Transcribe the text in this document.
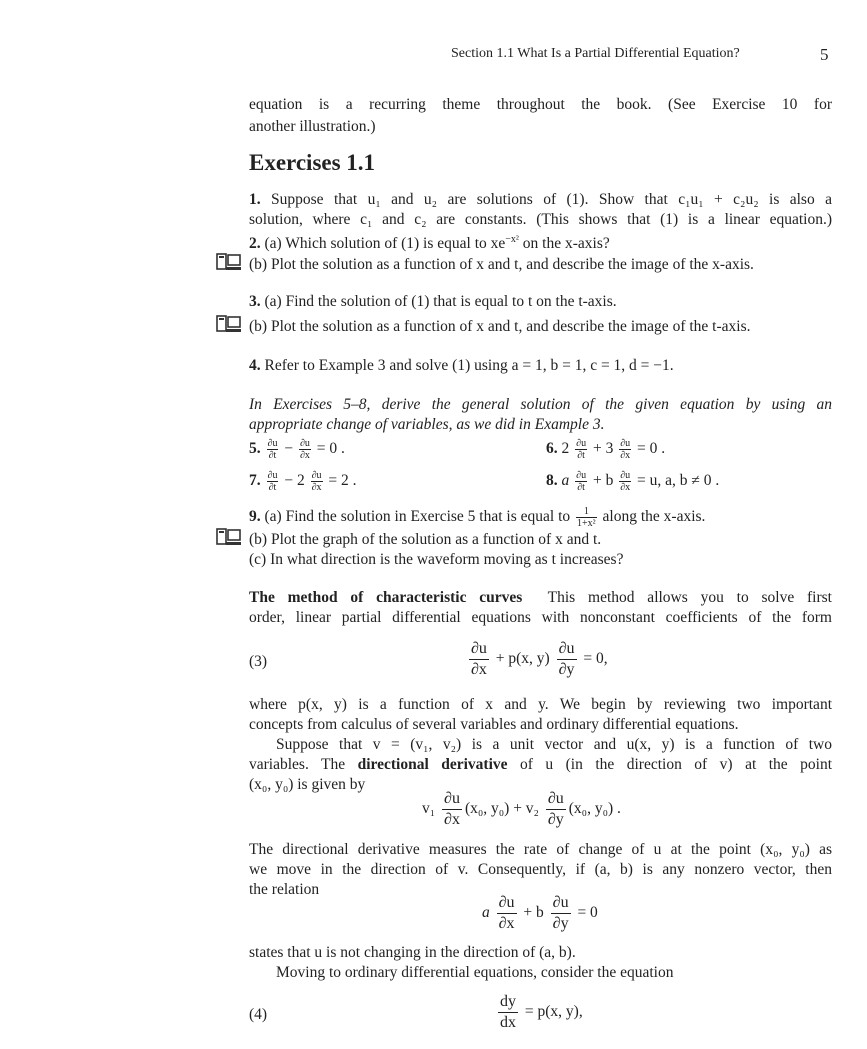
Section 1.1 What Is a Partial Differential Equation?	5
equation is a recurring theme throughout the book. (See Exercise 10 for
another illustration.)
Exercises 1.1
1. Suppose that u₁ and u₂ are solutions of (1). Show that c₁u₁ + c₂u₂ is also a
solution, where c₁ and c₂ are constants. (This shows that (1) is a linear equation.)
2. (a) Which solution of (1) is equal to $xe^{-x^2}$ on the x-axis?
(b) Plot the solution as a function of x and t, and describe the image of the x-axis.
3. (a) Find the solution of (1) that is equal to t on the t-axis.
(b) Plot the solution as a function of x and t, and describe the image of the t-axis.
4. Refer to Example 3 and solve (1) using a = 1, b = 1, c = 1, d = −1.
In Exercises 5–8, derive the general solution of the given equation by using an
appropriate change of variables, as we did in Example 3.
5. $\frac{\partial u}{\partial t} - \frac{\partial u}{\partial x} = 0$ .	6. $2 \frac{\partial u}{\partial t} + 3 \frac{\partial u}{\partial x} = 0$ .
7. $\frac{\partial u}{\partial t} - 2 \frac{\partial u}{\partial x} = 2$ .	8. a $\frac{\partial u}{\partial t} + b \frac{\partial u}{\partial x} = u$, a, b ≠ 0 .
9. (a) Find the solution in Exercise 5 that is equal to $\frac{1}{\text{1+x²}}$ along the x-axis.
(b) Plot the graph of the solution as a function of x and t.
(c) In what direction is the waveform moving as t increases?
The method of characteristic curves This method allows you to solve first
order, linear partial differential equations with nonconstant coefficients of the form
(3)	$\frac{\partial u}{\partial x} + p(x$, $y) \frac{\partial u}{\partial y} = 0$,
where p(x, y) is a function of x and y. We begin by reviewing two important
concepts from calculus of several variables and ordinary differential equations.
Suppose that v = (v₁, v₂) is a unit vector and u(x, y) is a function of two
variables. The directional derivative of u (in the direction of v) at the point
(x₀, y₀) is given by
$v_1 \frac{\partial u}{\partial x} (x_0$, $y_0) + v_2 \frac{\partial u}{\partial y} (x_0$, y₀) .
The directional derivative measures the rate of change of u at the point (x₀, y₀) as
we move in the direction of v. Consequently, if (a, b) is any nonzero vector, then
the relation
a $\frac{\partial u}{\partial x} + b \frac{\partial u}{\partial y} = 0$
states that u is not changing in the direction of (a, b).
Moving to ordinary differential equations, consider the equation
(4)	$\frac{dy}{dx} = p(x$, y),
